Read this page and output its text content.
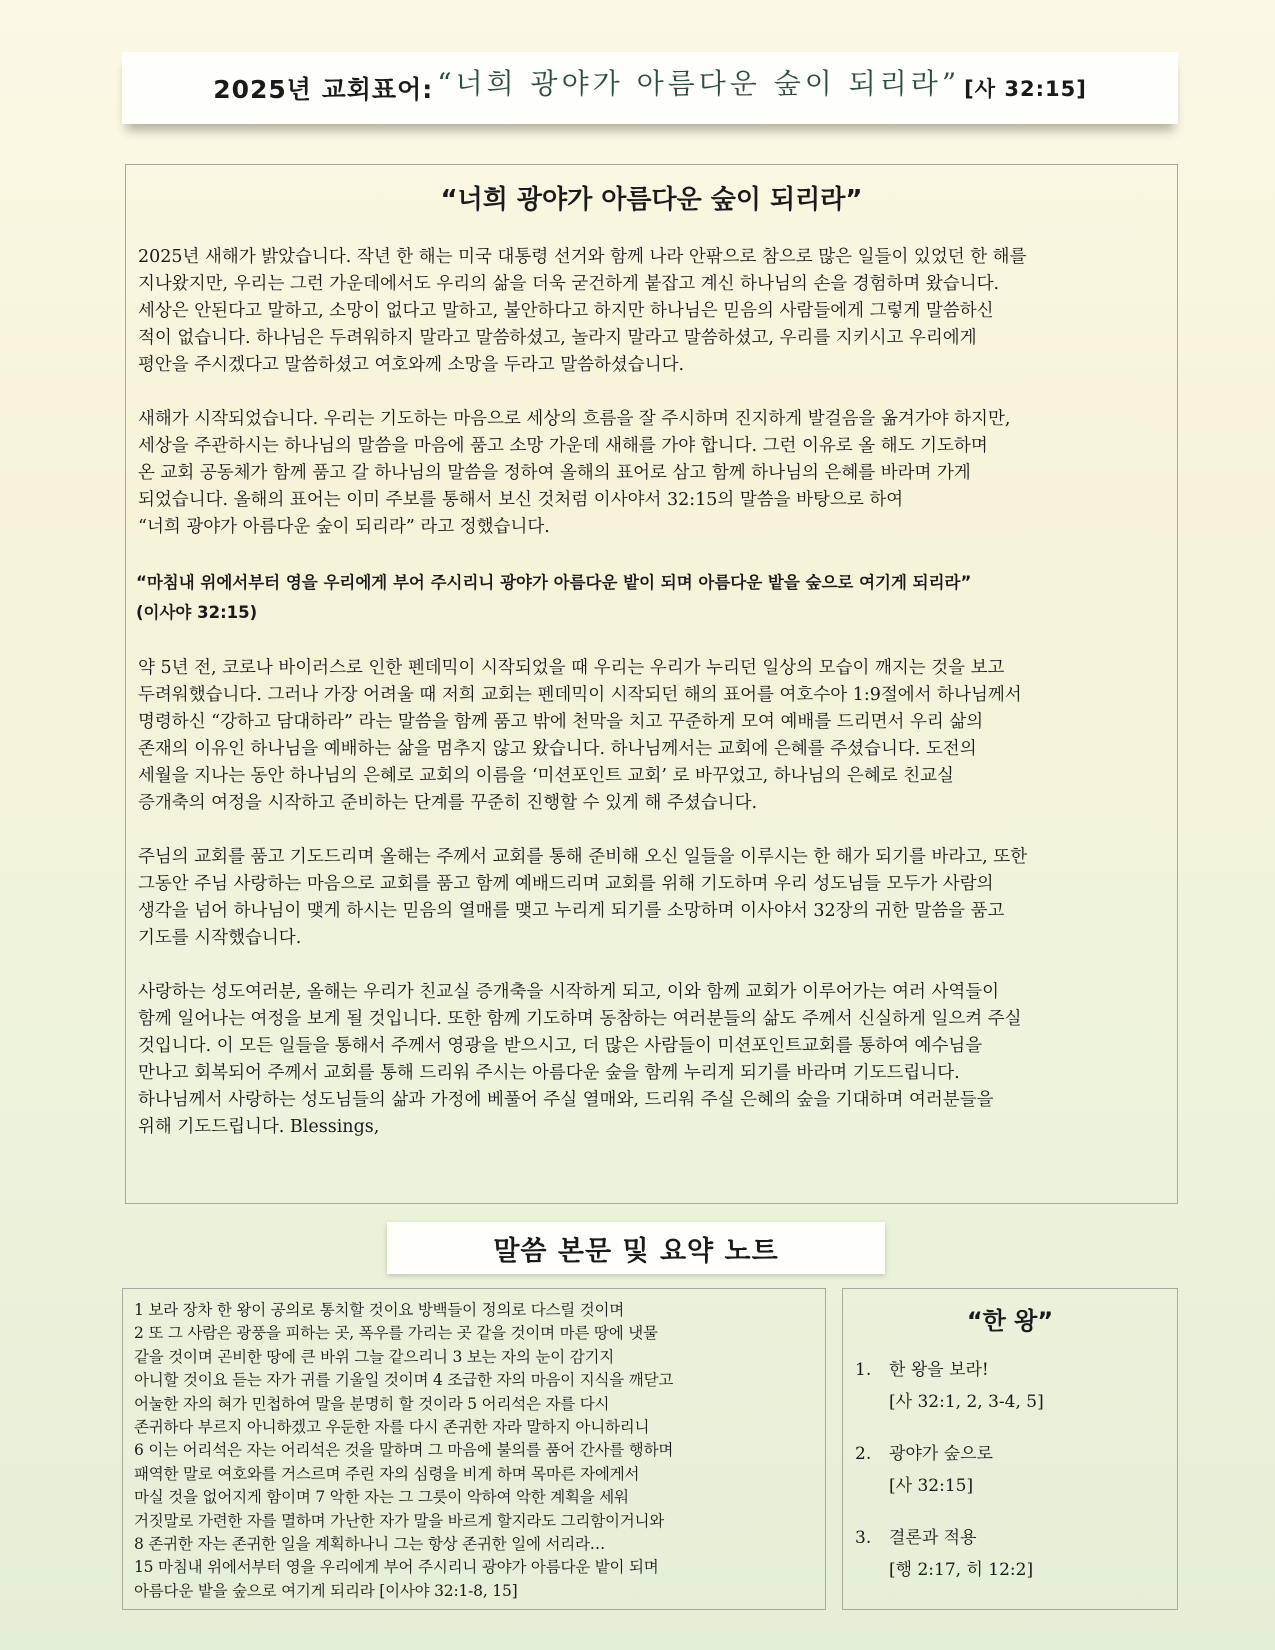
2025년 교회표어: “너희 광야가 아름다운 숲이 되리라” [사 32:15]
“너희 광야가 아름다운 숲이 되리라”
2025년 새해가 밝았습니다. 작년 한 해는 미국 대통령 선거와 함께 나라 안팎으로 참으로 많은 일들이 있었던 한 해를
지나왔지만, 우리는 그런 가운데에서도 우리의 삶을 더욱 굳건하게 붙잡고 계신 하나님의 손을 경험하며 왔습니다.
세상은 안된다고 말하고, 소망이 없다고 말하고, 불안하다고 하지만 하나님은 믿음의 사람들에게 그렇게 말씀하신
적이 없습니다. 하나님은 두려워하지 말라고 말씀하셨고, 놀라지 말라고 말씀하셨고, 우리를 지키시고 우리에게
평안을 주시겠다고 말씀하셨고 여호와께 소망을 두라고 말씀하셨습니다.
새해가 시작되었습니다. 우리는 기도하는 마음으로 세상의 흐름을 잘 주시하며 진지하게 발걸음을 옮겨가야 하지만,
세상을 주관하시는 하나님의 말씀을 마음에 품고 소망 가운데 새해를 가야 합니다. 그런 이유로 올 해도 기도하며
온 교회 공동체가 함께 품고 갈 하나님의 말씀을 정하여 올해의 표어로 삼고 함께 하나님의 은혜를 바라며 가게
되었습니다. 올해의 표어는 이미 주보를 통해서 보신 것처럼 이사야서 32:15의 말씀을 바탕으로 하여
“너희 광야가 아름다운 숲이 되리라” 라고 정했습니다.
“마침내 위에서부터 영을 우리에게 부어 주시리니 광야가 아름다운 밭이 되며 아름다운 밭을 숲으로 여기게 되리라”
(이사야 32:15)
약 5년 전, 코로나 바이러스로 인한 펜데믹이 시작되었을 때 우리는 우리가 누리던 일상의 모습이 깨지는 것을 보고
두려워했습니다. 그러나 가장 어려울 때 저희 교회는 펜데믹이 시작되던 해의 표어를 여호수아 1:9절에서 하나님께서
명령하신 “강하고 담대하라” 라는 말씀을 함께 품고 밖에 천막을 치고 꾸준하게 모여 예배를 드리면서 우리 삶의
존재의 이유인 하나님을 예배하는 삶을 멈추지 않고 왔습니다. 하나님께서는 교회에 은혜를 주셨습니다. 도전의
세월을 지나는 동안 하나님의 은혜로 교회의 이름을 ‘미션포인트 교회’ 로 바꾸었고, 하나님의 은혜로 친교실
증개축의 여정을 시작하고 준비하는 단계를 꾸준히 진행할 수 있게 해 주셨습니다.
주님의 교회를 품고 기도드리며 올해는 주께서 교회를 통해 준비해 오신 일들을 이루시는 한 해가 되기를 바라고, 또한
그동안 주님 사랑하는 마음으로 교회를 품고 함께 예배드리며 교회를 위해 기도하며 우리 성도님들 모두가 사람의
생각을 넘어 하나님이 맺게 하시는 믿음의 열매를 맺고 누리게 되기를 소망하며 이사야서 32장의 귀한 말씀을 품고
기도를 시작했습니다.
사랑하는 성도여러분, 올해는 우리가 친교실 증개축을 시작하게 되고, 이와 함께 교회가 이루어가는 여러 사역들이
함께 일어나는 여정을 보게 될 것입니다. 또한 함께 기도하며 동참하는 여러분들의 삶도 주께서 신실하게 일으켜 주실
것입니다. 이 모든 일들을 통해서 주께서 영광을 받으시고, 더 많은 사람들이 미션포인트교회를 통하여 예수님을
만나고 회복되어 주께서 교회를 통해 드리워 주시는 아름다운 숲을 함께 누리게 되기를 바라며 기도드립니다.
하나님께서 사랑하는 성도님들의 삶과 가정에 베풀어 주실 열매와, 드리워 주실 은혜의 숲을 기대하며 여러분들을
위해 기도드립니다. Blessings,
말씀 본문 및 요약 노트
1 보라 장차 한 왕이 공의로 통치할 것이요 방백들이 정의로 다스릴 것이며
2 또 그 사람은 광풍을 피하는 곳, 폭우를 가리는 곳 같을 것이며 마른 땅에 냇물
같을 것이며 곤비한 땅에 큰 바위 그늘 같으리니 3 보는 자의 눈이 감기지
아니할 것이요 듣는 자가 귀를 기울일 것이며 4 조급한 자의 마음이 지식을 깨닫고
어눌한 자의 혀가 민첩하여 말을 분명히 할 것이라 5 어리석은 자를 다시
존귀하다 부르지 아니하겠고 우둔한 자를 다시 존귀한 자라 말하지 아니하리니
6 이는 어리석은 자는 어리석은 것을 말하며 그 마음에 불의를 품어 간사를 행하며
패역한 말로 여호와를 거스르며 주린 자의 심령을 비게 하며 목마른 자에게서
마실 것을 없어지게 함이며 7 악한 자는 그 그릇이 악하여 악한 계획을 세워
거짓말로 가련한 자를 멸하며 가난한 자가 말을 바르게 할지라도 그리함이거니와
8 존귀한 자는 존귀한 일을 계획하나니 그는 항상 존귀한 일에 서리라…
15 마침내 위에서부터 영을 우리에게 부어 주시리니 광야가 아름다운 밭이 되며
아름다운 밭을 숲으로 여기게 되리라 [이사야 32:1-8, 15]
“한 왕”
1.	한 왕을 보라!
[사 32:1, 2, 3-4, 5]
2.	광야가 숲으로
[사 32:15]
3.	결론과 적용
[행 2:17, 히 12:2]
